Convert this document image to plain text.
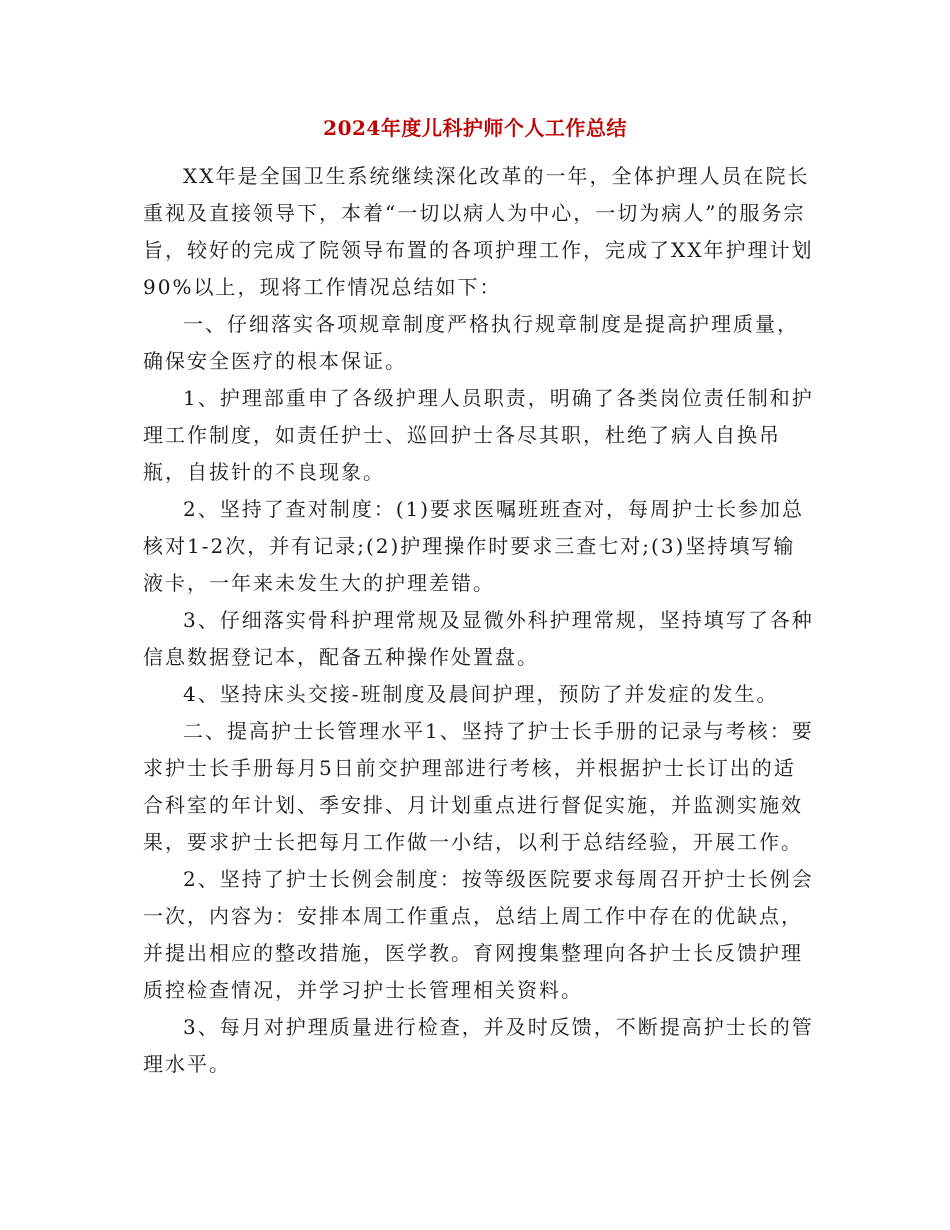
2024年度儿科护师个人工作总结

XX年是全国卫生系统继续深化改革的一年，全体护理人员在院长重视及直接领导下，本着“一切以病人为中心，一切为病人”的服务宗旨，较好的完成了院领导布置的各项护理工作，完成了XX年护理计划90%以上，现将工作情况总结如下：

一、仔细落实各项规章制度严格执行规章制度是提高护理质量，确保安全医疗的根本保证。

1、护理部重申了各级护理人员职责，明确了各类岗位责任制和护理工作制度，如责任护士、巡回护士各尽其职，杜绝了病人自换吊瓶，自拔针的不良现象。

2、坚持了查对制度：(1)要求医嘱班班查对，每周护士长参加总核对1-2次，并有记录;(2)护理操作时要求三查七对;(3)坚持填写输液卡，一年来未发生大的护理差错。

3、仔细落实骨科护理常规及显微外科护理常规，坚持填写了各种信息数据登记本，配备五种操作处置盘。

4、坚持床头交接-班制度及晨间护理，预防了并发症的发生。

二、提高护士长管理水平1、坚持了护士长手册的记录与考核：要求护士长手册每月5日前交护理部进行考核，并根据护士长订出的适合科室的年计划、季安排、月计划重点进行督促实施，并监测实施效果，要求护士长把每月工作做一小结，以利于总结经验，开展工作。

2、坚持了护士长例会制度：按等级医院要求每周召开护士长例会一次，内容为：安排本周工作重点，总结上周工作中存在的优缺点，并提出相应的整改措施，医学教。育网搜集整理向各护士长反馈护理质控检查情况，并学习护士长管理相关资料。

3、每月对护理质量进行检查，并及时反馈，不断提高护士长的管理水平。
